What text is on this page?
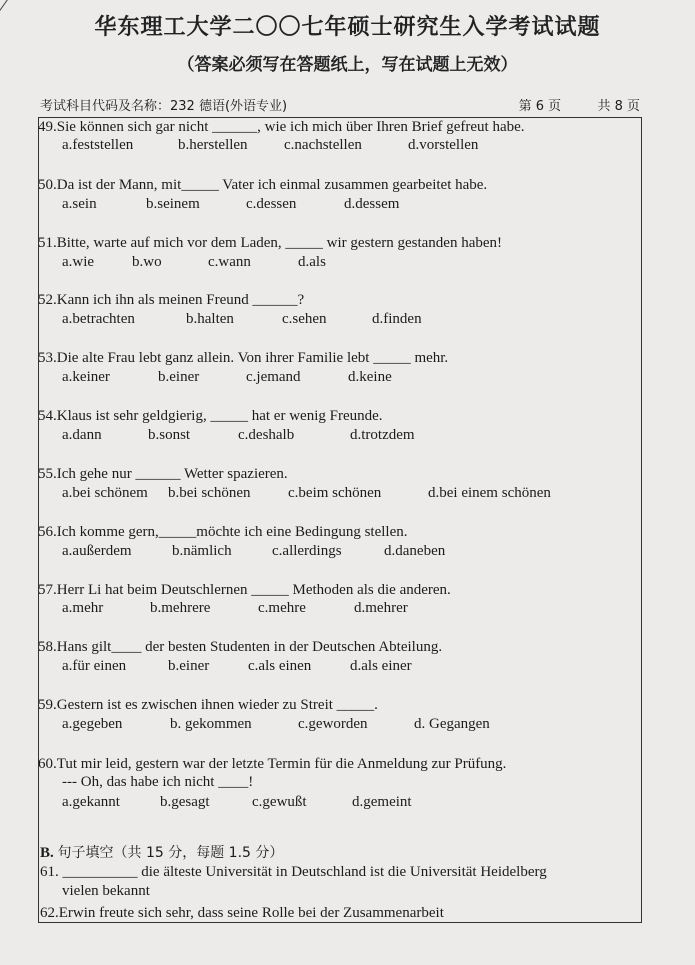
华东理工大学二〇〇七年硕士研究生入学考试试题
（答案必须写在答题纸上，写在试题上无效）
考试科目代码及名称：232 德语(外语专业)	第 6 页	共 8 页
49.Sie können sich gar nicht ______, wie ich mich über Ihren Brief gefreut habe.
a.feststellen	b.herstellen c.nachstellen	d.vorstellen
50.Da ist der Mann, mit_____ Vater ich einmal zusammen gearbeitet habe.
a.sein	b.seinem	c.dessen	d.dessem
51.Bitte, warte auf mich vor dem Laden, _____ wir gestern gestanden haben!
a.wie	b.wo	c.wann	d.als
52.Kann ich ihn als meinen Freund ______?
a.betrachten	b.halten	c.sehen	d.finden
53.Die alte Frau lebt ganz allein. Von ihrer Familie lebt _____ mehr.
a.keiner	b.einer	c.jemand	d.keine
54.Klaus ist sehr geldgierig, _____ hat er wenig Freunde.
a.dann	b.sonst	c.deshalb	d.trotzdem
55.Ich gehe nur ______ Wetter spazieren.
a.bei schönem b.bei schönen	c.beim schönen	d.bei einem schönen
56.Ich komme gern,_____möchte ich eine Bedingung stellen.
a.außerdem	b.nämlich	c.allerdings	d.daneben
57.Herr Li hat beim Deutschlernen _____ Methoden als die anderen.
a.mehr	b.mehrere	c.mehre	d.mehrer
58.Hans gilt____ der besten Studenten in der Deutschen Abteilung.
a.für einen	b.einer	c.als einen	d.als einer
59.Gestern ist es zwischen ihnen wieder zu Streit _____.
a.gegeben	b. gekommen	c.geworden	d. Gegangen
60.Tut mir leid, gestern war der letzte Termin für die Anmeldung zur Prüfung.
--- Oh, das habe ich nicht ____!
a.gekannt	b.gesagt	c.gewußt	d.gemeint
B. 句子填空（共 15 分，每题 1.5 分）
61. __________ die älteste Universität in Deutschland ist die Universität Heidelberg
vielen bekannt
62.Erwin freute sich sehr, dass seine Rolle bei der Zusammenarbeit
